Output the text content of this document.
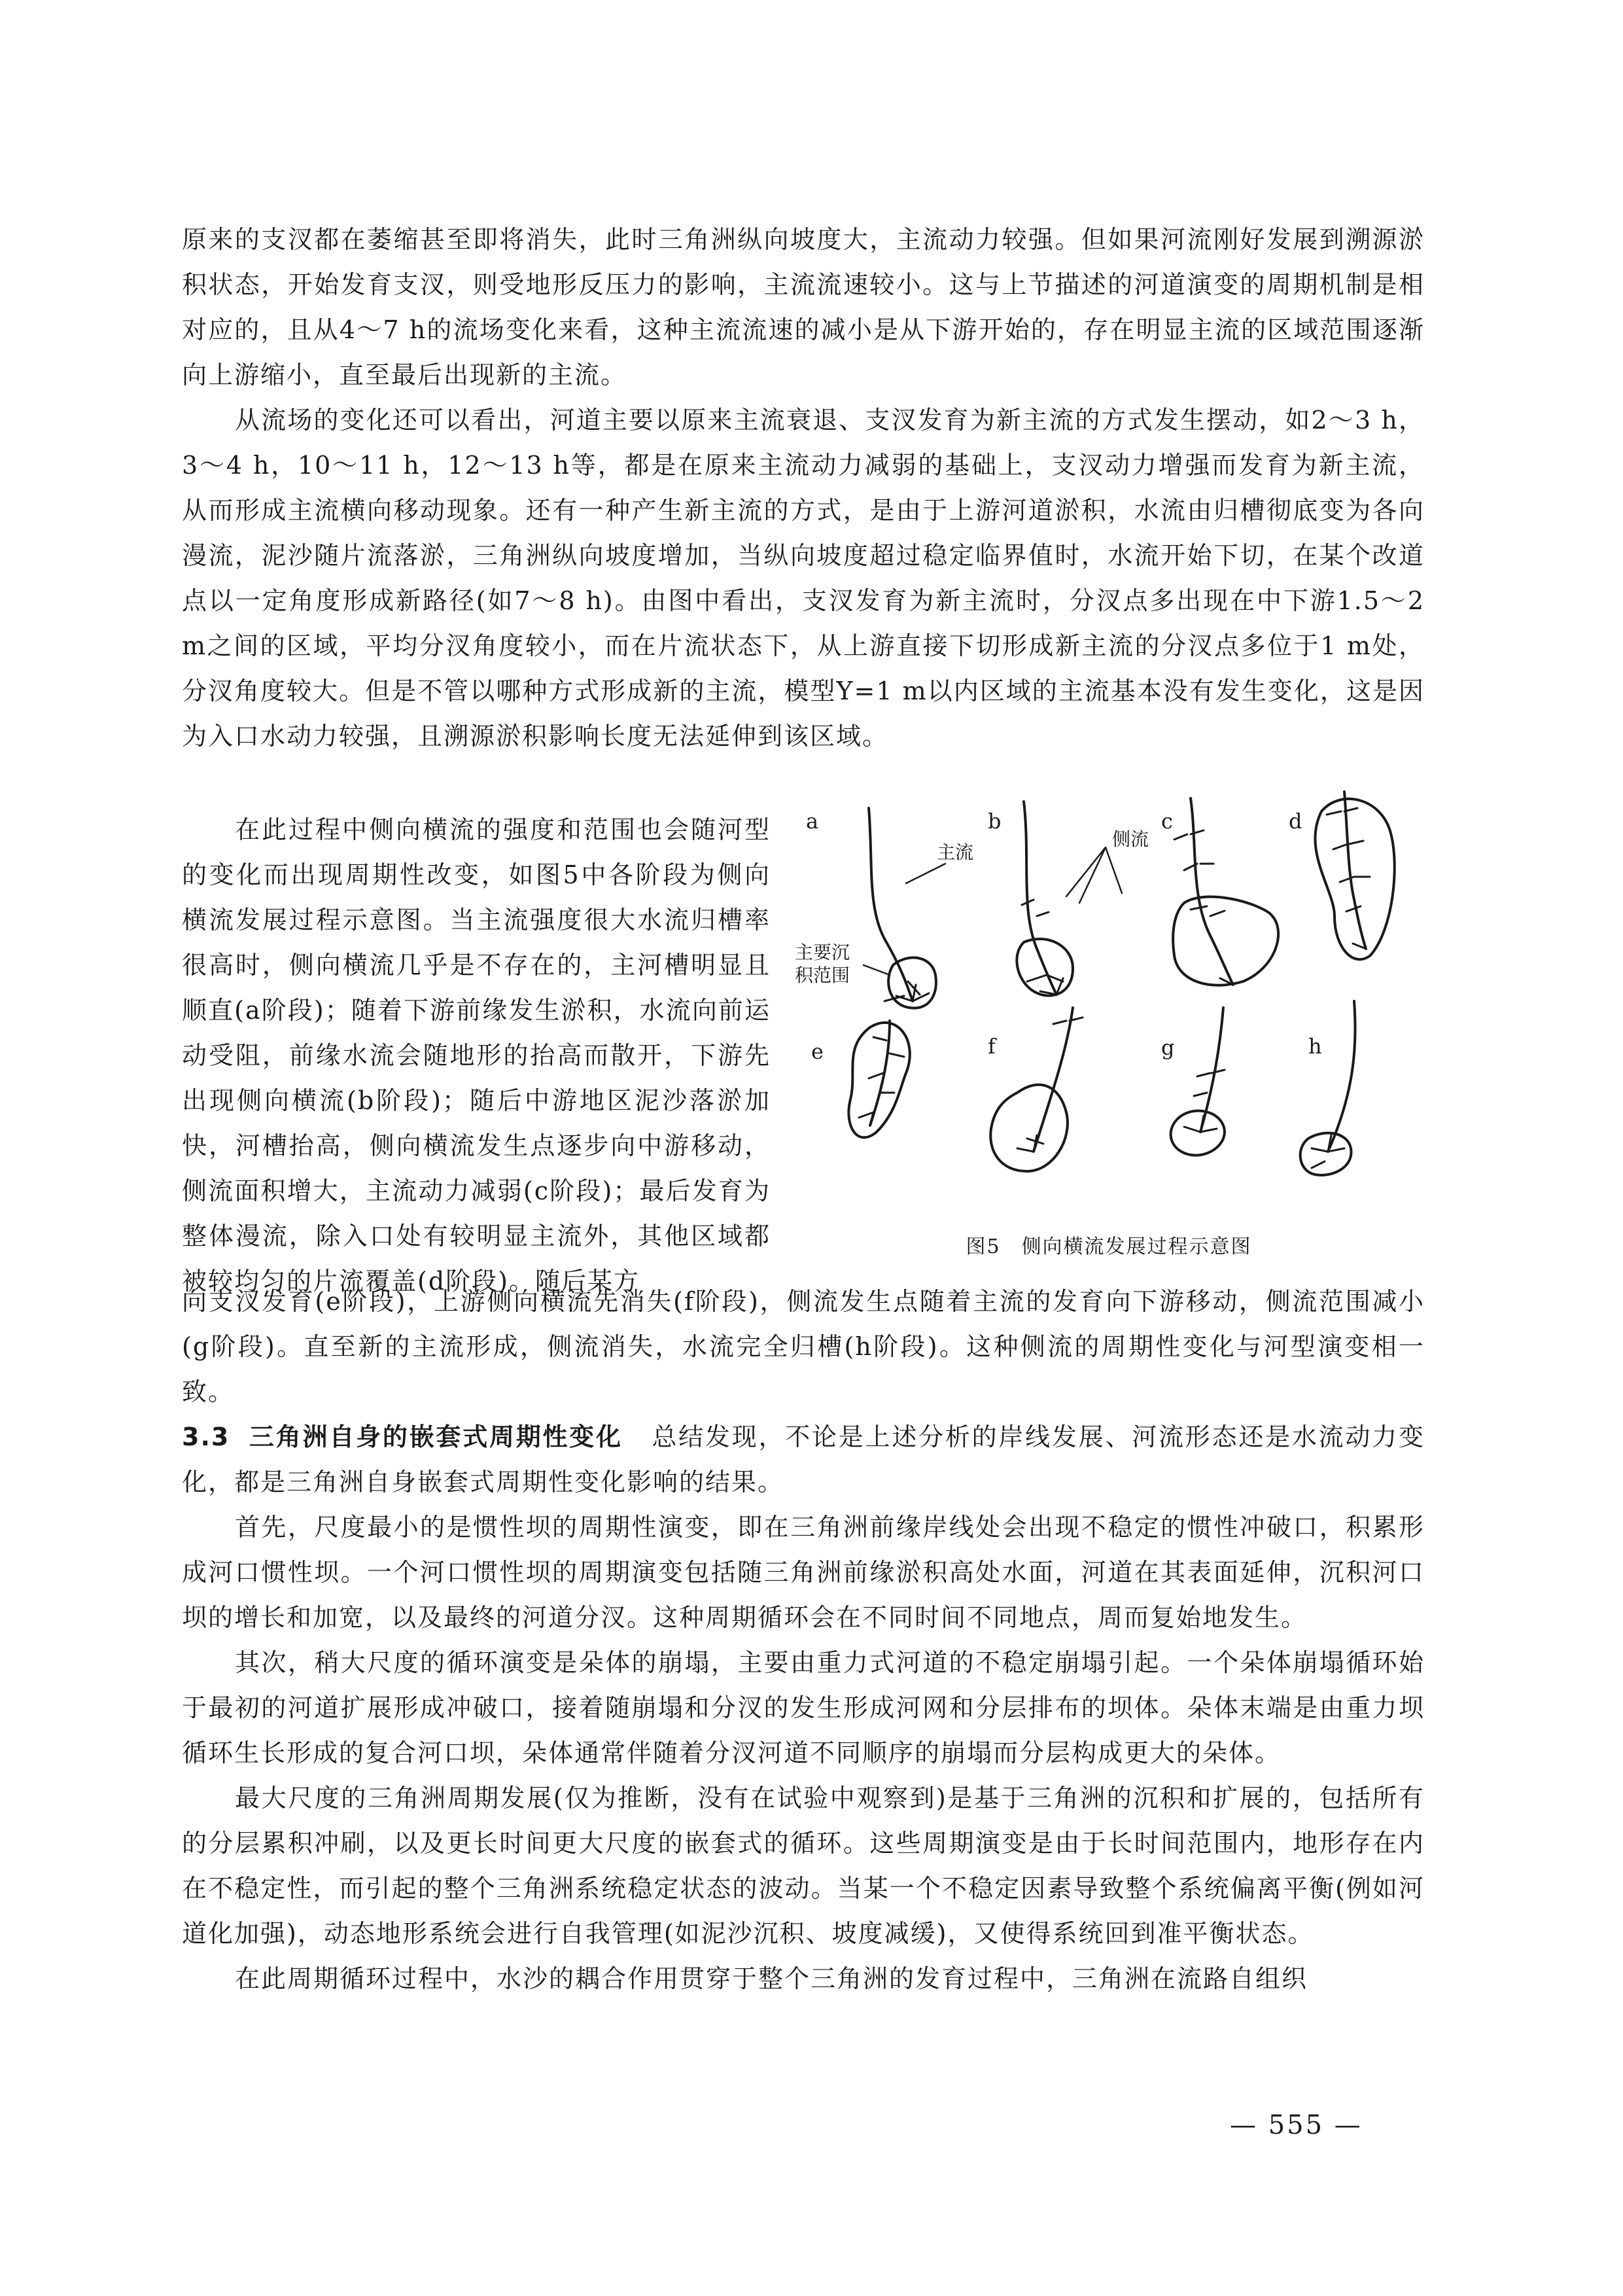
原来的支汊都在萎缩甚至即将消失，此时三角洲纵向坡度大，主流动力较强。但如果河流刚好发展到溯源淤积状态，开始发育支汊，则受地形反压力的影响，主流流速较小。这与上节描述的河道演变的周期机制是相对应的，且从4～7 h的流场变化来看，这种主流流速的减小是从下游开始的，存在明显主流的区域范围逐渐向上游缩小，直至最后出现新的主流。

从流场的变化还可以看出，河道主要以原来主流衰退、支汊发育为新主流的方式发生摆动，如2～3 h，3～4 h，10～11 h，12～13 h等，都是在原来主流动力减弱的基础上，支汊动力增强而发育为新主流，从而形成主流横向移动现象。还有一种产生新主流的方式，是由于上游河道淤积，水流由归槽彻底变为各向漫流，泥沙随片流落淤，三角洲纵向坡度增加，当纵向坡度超过稳定临界值时，水流开始下切，在某个改道点以一定角度形成新路径(如7～8 h)。由图中看出，支汊发育为新主流时，分汊点多出现在中下游1.5～2 m之间的区域，平均分汊角度较小，而在片流状态下，从上游直接下切形成新主流的分汊点多位于1 m处，分汊角度较大。但是不管以哪种方式形成新的主流，模型Y=1 m以内区域的主流基本没有发生变化，这是因为入口水动力较强，且溯源淤积影响长度无法延伸到该区域。

在此过程中侧向横流的强度和范围也会随河型的变化而出现周期性改变，如图5中各阶段为侧向横流发展过程示意图。当主流强度很大水流归槽率很高时，侧向横流几乎是不存在的，主河槽明显且顺直(a阶段)；随着下游前缘发生淤积，水流向前运动受阻，前缘水流会随地形的抬高而散开，下游先出现侧向横流(b阶段)；随后中游地区泥沙落淤加快，河槽抬高，侧向横流发生点逐步向中游移动，侧流面积增大，主流动力减弱(c阶段)；最后发育为整体漫流，除入口处有较明显主流外，其他区域都被较均匀的片流覆盖(d阶段)。随后某方

a	b	c	d
e	f	g	h
主流
侧流
主要沉
积范围
图5　侧向横流发展过程示意图

向支汊发育(e阶段)，上游侧向横流先消失(f阶段)，侧流发生点随着主流的发育向下游移动，侧流范围减小(g阶段)。直至新的主流形成，侧流消失，水流完全归槽(h阶段)。这种侧流的周期性变化与河型演变相一致。

3.3 三角洲自身的嵌套式周期性变化 总结发现，不论是上述分析的岸线发展、河流形态还是水流动力变化，都是三角洲自身嵌套式周期性变化影响的结果。

首先，尺度最小的是惯性坝的周期性演变，即在三角洲前缘岸线处会出现不稳定的惯性冲破口，积累形成河口惯性坝。一个河口惯性坝的周期演变包括随三角洲前缘淤积高处水面，河道在其表面延伸，沉积河口坝的增长和加宽，以及最终的河道分汊。这种周期循环会在不同时间不同地点，周而复始地发生。

其次，稍大尺度的循环演变是朵体的崩塌，主要由重力式河道的不稳定崩塌引起。一个朵体崩塌循环始于最初的河道扩展形成冲破口，接着随崩塌和分汊的发生形成河网和分层排布的坝体。朵体末端是由重力坝循环生长形成的复合河口坝，朵体通常伴随着分汊河道不同顺序的崩塌而分层构成更大的朵体。

最大尺度的三角洲周期发展(仅为推断，没有在试验中观察到)是基于三角洲的沉积和扩展的，包括所有的分层累积冲刷，以及更长时间更大尺度的嵌套式的循环。这些周期演变是由于长时间范围内，地形存在内在不稳定性，而引起的整个三角洲系统稳定状态的波动。当某一个不稳定因素导致整个系统偏离平衡(例如河道化加强)，动态地形系统会进行自我管理(如泥沙沉积、坡度减缓)，又使得系统回到准平衡状态。

在此周期循环过程中，水沙的耦合作用贯穿于整个三角洲的发育过程中，三角洲在流路自组织

— 555 —
